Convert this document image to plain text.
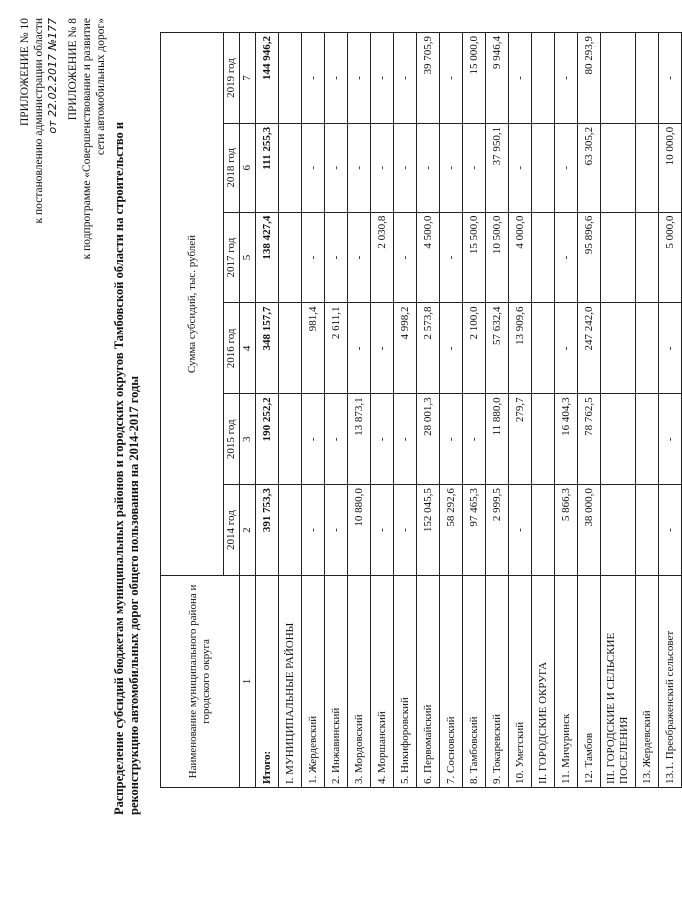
ПРИЛОЖЕНИЕ № 10 к постановлению администрации области от 22.02.2017 №177 ПРИЛОЖЕНИЕ № 8 к подпрограмме «Совершенствование и развитие сети автомобильных дорог»
Распределение субсидий бюджетам муниципальных районов и городских округов Тамбовской области на строительство и реконструкцию автомобильных дорог общего пользования на 2014-2017 годы	Наименование муниципального района и городского округа	Сумма субсидий, тыс. рублей					
	2014 год	2015 год	2016 год	2017 год	2018 год	2019 год
1	2	3	4	5	6	7
Итого:	391 753,3	190 252,2	348 157,7	138 427,4	111 255,3	144 946,2
I. МУНИЦИПАЛЬНЫЕ РАЙОНЫ						
1. Жердевский	-	-	981,4	-	-	-
2. Инжавинский	-	-	2 611,1	-	-	-
3. Мордовский	10 880,0	13 873,1	-	-	-	-
4. Моршанский	-	-	-	2 030,8	-	-
5. Никифоровский	-	-	4 998,2	-	-	-
6. Первомайский	152 045,5	28 001,3	2 573,8	4 500,0	-	39 705,9
7. Сосновский	58 292,6	-	-	-	-	-
8. Тамбовский	97 465,3	-	2 100,0	15 500,0	-	15 000,0
9. Токаревский	2 999,5	11 880,0	57 632,4	10 500,0	37 950,1	9 946,4
10. Уметский	-	279,7	13 909,6	4 000,0	-	-
II. ГОРОДСКИЕ ОКРУГА						
11. Мичуринск	5 866,3	16 404,3	-	-	-	-
12. Тамбов	38 000,0	78 762,5	247 242,0	95 896,6	63 305,2	80 293,9
III. ГОРОДСКИЕ И СЕЛЬСКИЕ ПОСЕЛЕНИЯ						
13. Жердевский						
13.1. Преображенский сельсовет	-	-	-	5 000,0	10 000,0	-
